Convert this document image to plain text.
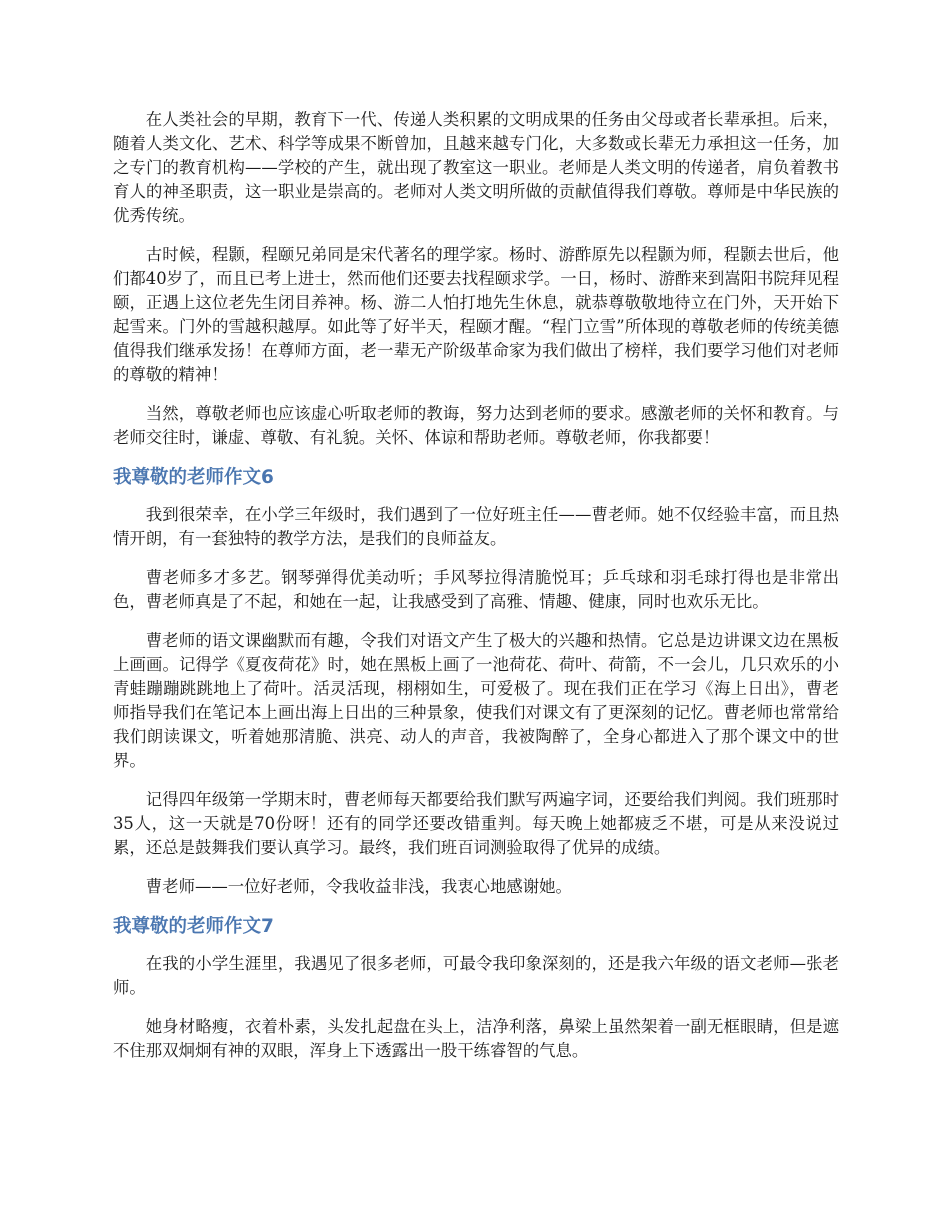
在人类社会的早期，教育下一代、传递人类积累的文明成果的任务由父母或者长辈承担。后来，随着人类文化、艺术、科学等成果不断曾加，且越来越专门化，大多数或长辈无力承担这一任务，加之专门的教育机构——学校的产生，就出现了教室这一职业。老师是人类文明的传递者，肩负着教书育人的神圣职责，这一职业是崇高的。老师对人类文明所做的贡献值得我们尊敬。尊师是中华民族的优秀传统。

古时候，程颢，程颐兄弟同是宋代著名的理学家。杨时、游酢原先以程颢为师，程颢去世后，他们都40岁了，而且已考上进士，然而他们还要去找程颐求学。一日，杨时、游酢来到嵩阳书院拜见程颐，正遇上这位老先生闭目养神。杨、游二人怕打地先生休息，就恭尊敬敬地待立在门外，天开始下起雪来。门外的雪越积越厚。如此等了好半天，程颐才醒。“程门立雪”所体现的尊敬老师的传统美德值得我们继承发扬！在尊师方面，老一辈无产阶级革命家为我们做出了榜样，我们要学习他们对老师的尊敬的精神！

当然，尊敬老师也应该虚心听取老师的教诲，努力达到老师的要求。感激老师的关怀和教育。与老师交往时，谦虚、尊敬、有礼貌。关怀、体谅和帮助老师。尊敬老师，你我都要！

我尊敬的老师作文6

我到很荣幸，在小学三年级时，我们遇到了一位好班主任——曹老师。她不仅经验丰富，而且热情开朗，有一套独特的教学方法，是我们的良师益友。

曹老师多才多艺。钢琴弹得优美动听；手风琴拉得清脆悦耳；乒乓球和羽毛球打得也是非常出色，曹老师真是了不起，和她在一起，让我感受到了高雅、情趣、健康，同时也欢乐无比。

曹老师的语文课幽默而有趣，令我们对语文产生了极大的兴趣和热情。它总是边讲课文边在黑板上画画。记得学《夏夜荷花》时，她在黑板上画了一池荷花、荷叶、荷箭，不一会儿，几只欢乐的小青蛙蹦蹦跳跳地上了荷叶。活灵活现，栩栩如生，可爱极了。现在我们正在学习《海上日出》，曹老师指导我们在笔记本上画出海上日出的三种景象，使我们对课文有了更深刻的记忆。曹老师也常常给我们朗读课文，听着她那清脆、洪亮、动人的声音，我被陶醉了，全身心都进入了那个课文中的世界。

记得四年级第一学期末时，曹老师每天都要给我们默写两遍字词，还要给我们判阅。我们班那时35人，这一天就是70份呀！还有的同学还要改错重判。每天晚上她都疲乏不堪，可是从来没说过累，还总是鼓舞我们要认真学习。最终，我们班百词测验取得了优异的成绩。

曹老师——一位好老师，令我收益非浅，我衷心地感谢她。

我尊敬的老师作文7

在我的小学生涯里，我遇见了很多老师，可最令我印象深刻的，还是我六年级的语文老师—张老师。

她身材略瘦，衣着朴素，头发扎起盘在头上，洁净利落，鼻梁上虽然架着一副无框眼睛，但是遮不住那双炯炯有神的双眼，浑身上下透露出一股干练睿智的气息。
